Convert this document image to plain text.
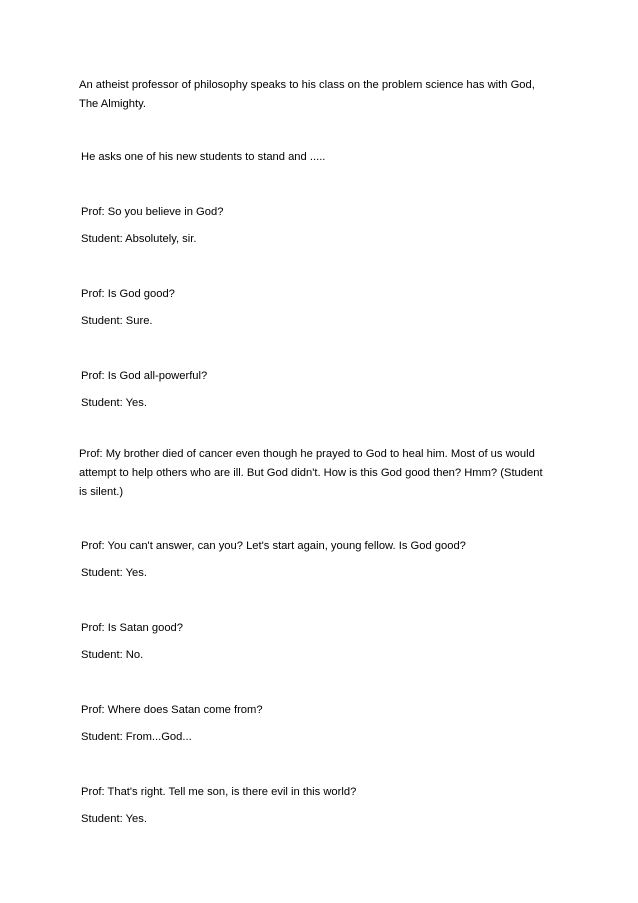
An atheist professor of philosophy speaks to his class on the problem science has with God, The Almighty.

He asks one of his new students to stand and .....

Prof: So you believe in God?

Student: Absolutely, sir.

Prof: Is God good?

Student: Sure.

Prof: Is God all-powerful?

Student: Yes.

Prof: My brother died of cancer even though he prayed to God to heal him. Most of us would attempt to help others who are ill. But God didn't. How is this God good then? Hmm? (Student is silent.)

Prof: You can't answer, can you? Let's start again, young fellow. Is God good?

Student: Yes.

Prof: Is Satan good?

Student: No.

Prof: Where does Satan come from?

Student: From...God...

Prof: That's right. Tell me son, is there evil in this world?

Student: Yes.
